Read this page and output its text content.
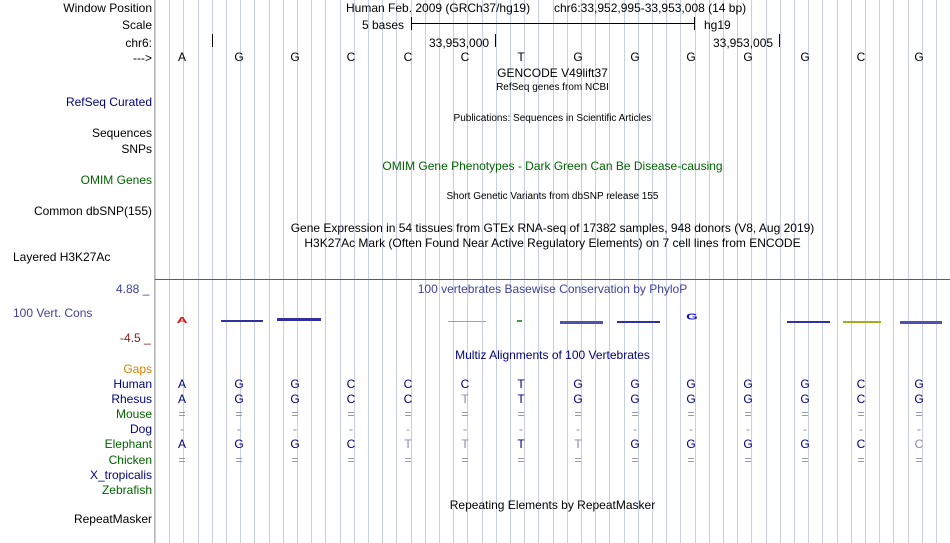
Window Position	Human Feb. 2009 (GRCh37/hg19) chr6:33,952,995-33,953,008 (14 bp)
Scale	5 bases	hg19
chr6:	33,953,000	33,953,005
--->	A	G	G	C	C	C	T	G	G	G	G	G	C	G
GENCODE V49lift37
RefSeq genes from NCBI
RefSeq Curated
Publications: Sequences in Scientific Articles
Sequences
SNPs
OMIM Gene Phenotypes - Dark Green Can Be Disease-causing
OMIM Genes
Short Genetic Variants from dbSNP release 155
Common dbSNP(155)
Gene Expression in 54 tissues from GTEx RNA-seq of 17382 samples, 948 donors (V8, Aug 2019)
H3K27Ac Mark (Often Found Near Active Regulatory Elements) on 7 cell lines from ENCODE
Layered H3K27Ac
4.88 _	100 vertebrates Basewise Conservation by PhyloP
100 Vert. Cons
-4.5 _
A	G
Multiz Alignments of 100 Vertebrates
Gaps
Human	A	G	G	C	C	C	T	G	G	G	G	G	C	G
Rhesus	A	G	G	C	C	T	T	G	G	G	G	G	C	G
Mouse	=	=	=	=	=	=	=	=	=	=	=	=	=	=
Dog	-	-	-	-	-	-	-	-	-	-	-	-	-	-
Elephant	A	G	G	C	T	T	T	T	G	G	G	G	C	C
Chicken	=	=	=	=	=	=	=	=	=	=	=	=	=	=
X_tropicalis
Zebrafish
Repeating Elements by RepeatMasker
RepeatMasker
